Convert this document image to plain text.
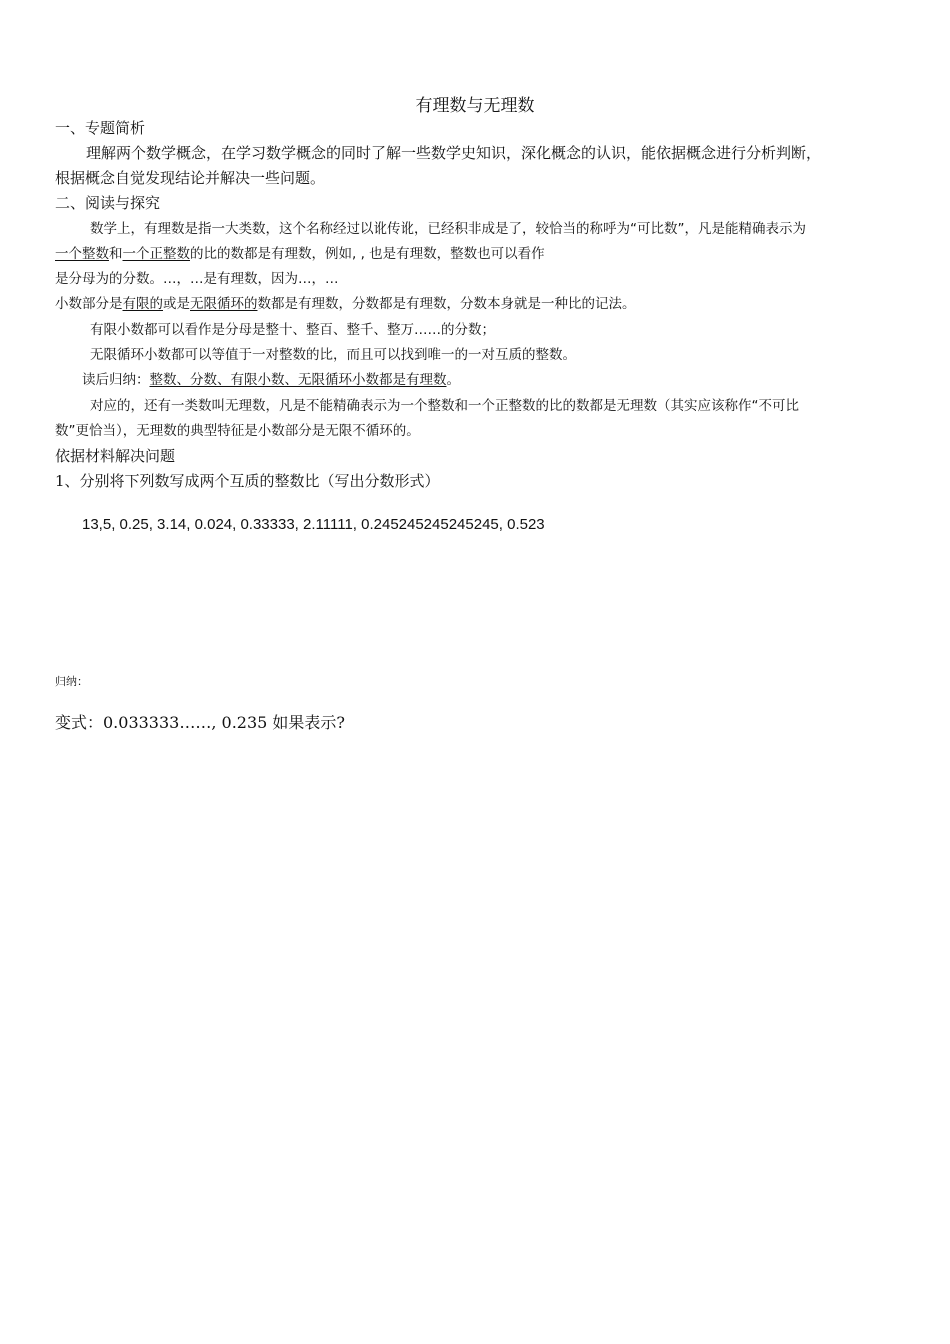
有理数与无理数
一、专题简析
理解两个数学概念，在学习数学概念的同时了解一些数学史知识，深化概念的认识，能依据概念进行分析判断，
根据概念自觉发现结论并解决一些问题。
二、阅读与探究
数学上，有理数是指一大类数，这个名称经过以讹传讹，已经积非成是了，较恰当的称呼为“可比数”，凡是能精确表示为
一个整数和一个正整数的比的数都是有理数，例如, , 也是有理数，整数也可以看作
是分母为的分数。…，…是有理数，因为…，…
小数部分是有限的或是无限循环的数都是有理数，分数都是有理数，分数本身就是一种比的记法。
有限小数都可以看作是分母是整十、整百、整千、整万……的分数；
无限循环小数都可以等值于一对整数的比，而且可以找到唯一的一对互质的整数。
读后归纳：整数、分数、有限小数、无限循环小数都是有理数。
对应的，还有一类数叫无理数，凡是不能精确表示为一个整数和一个正整数的比的数都是无理数（其实应该称作“不可比
数”更恰当），无理数的典型特征是小数部分是无限不循环的。
依据材料解决问题
1、分别将下列数写成两个互质的整数比（写出分数形式）
13,5, 0.25, 3.14, 0.024, 0.33333, 2.11111, 0.245245245245245, 0.523
归纳：
变式：0.033333……, 0.235 如果表示?
